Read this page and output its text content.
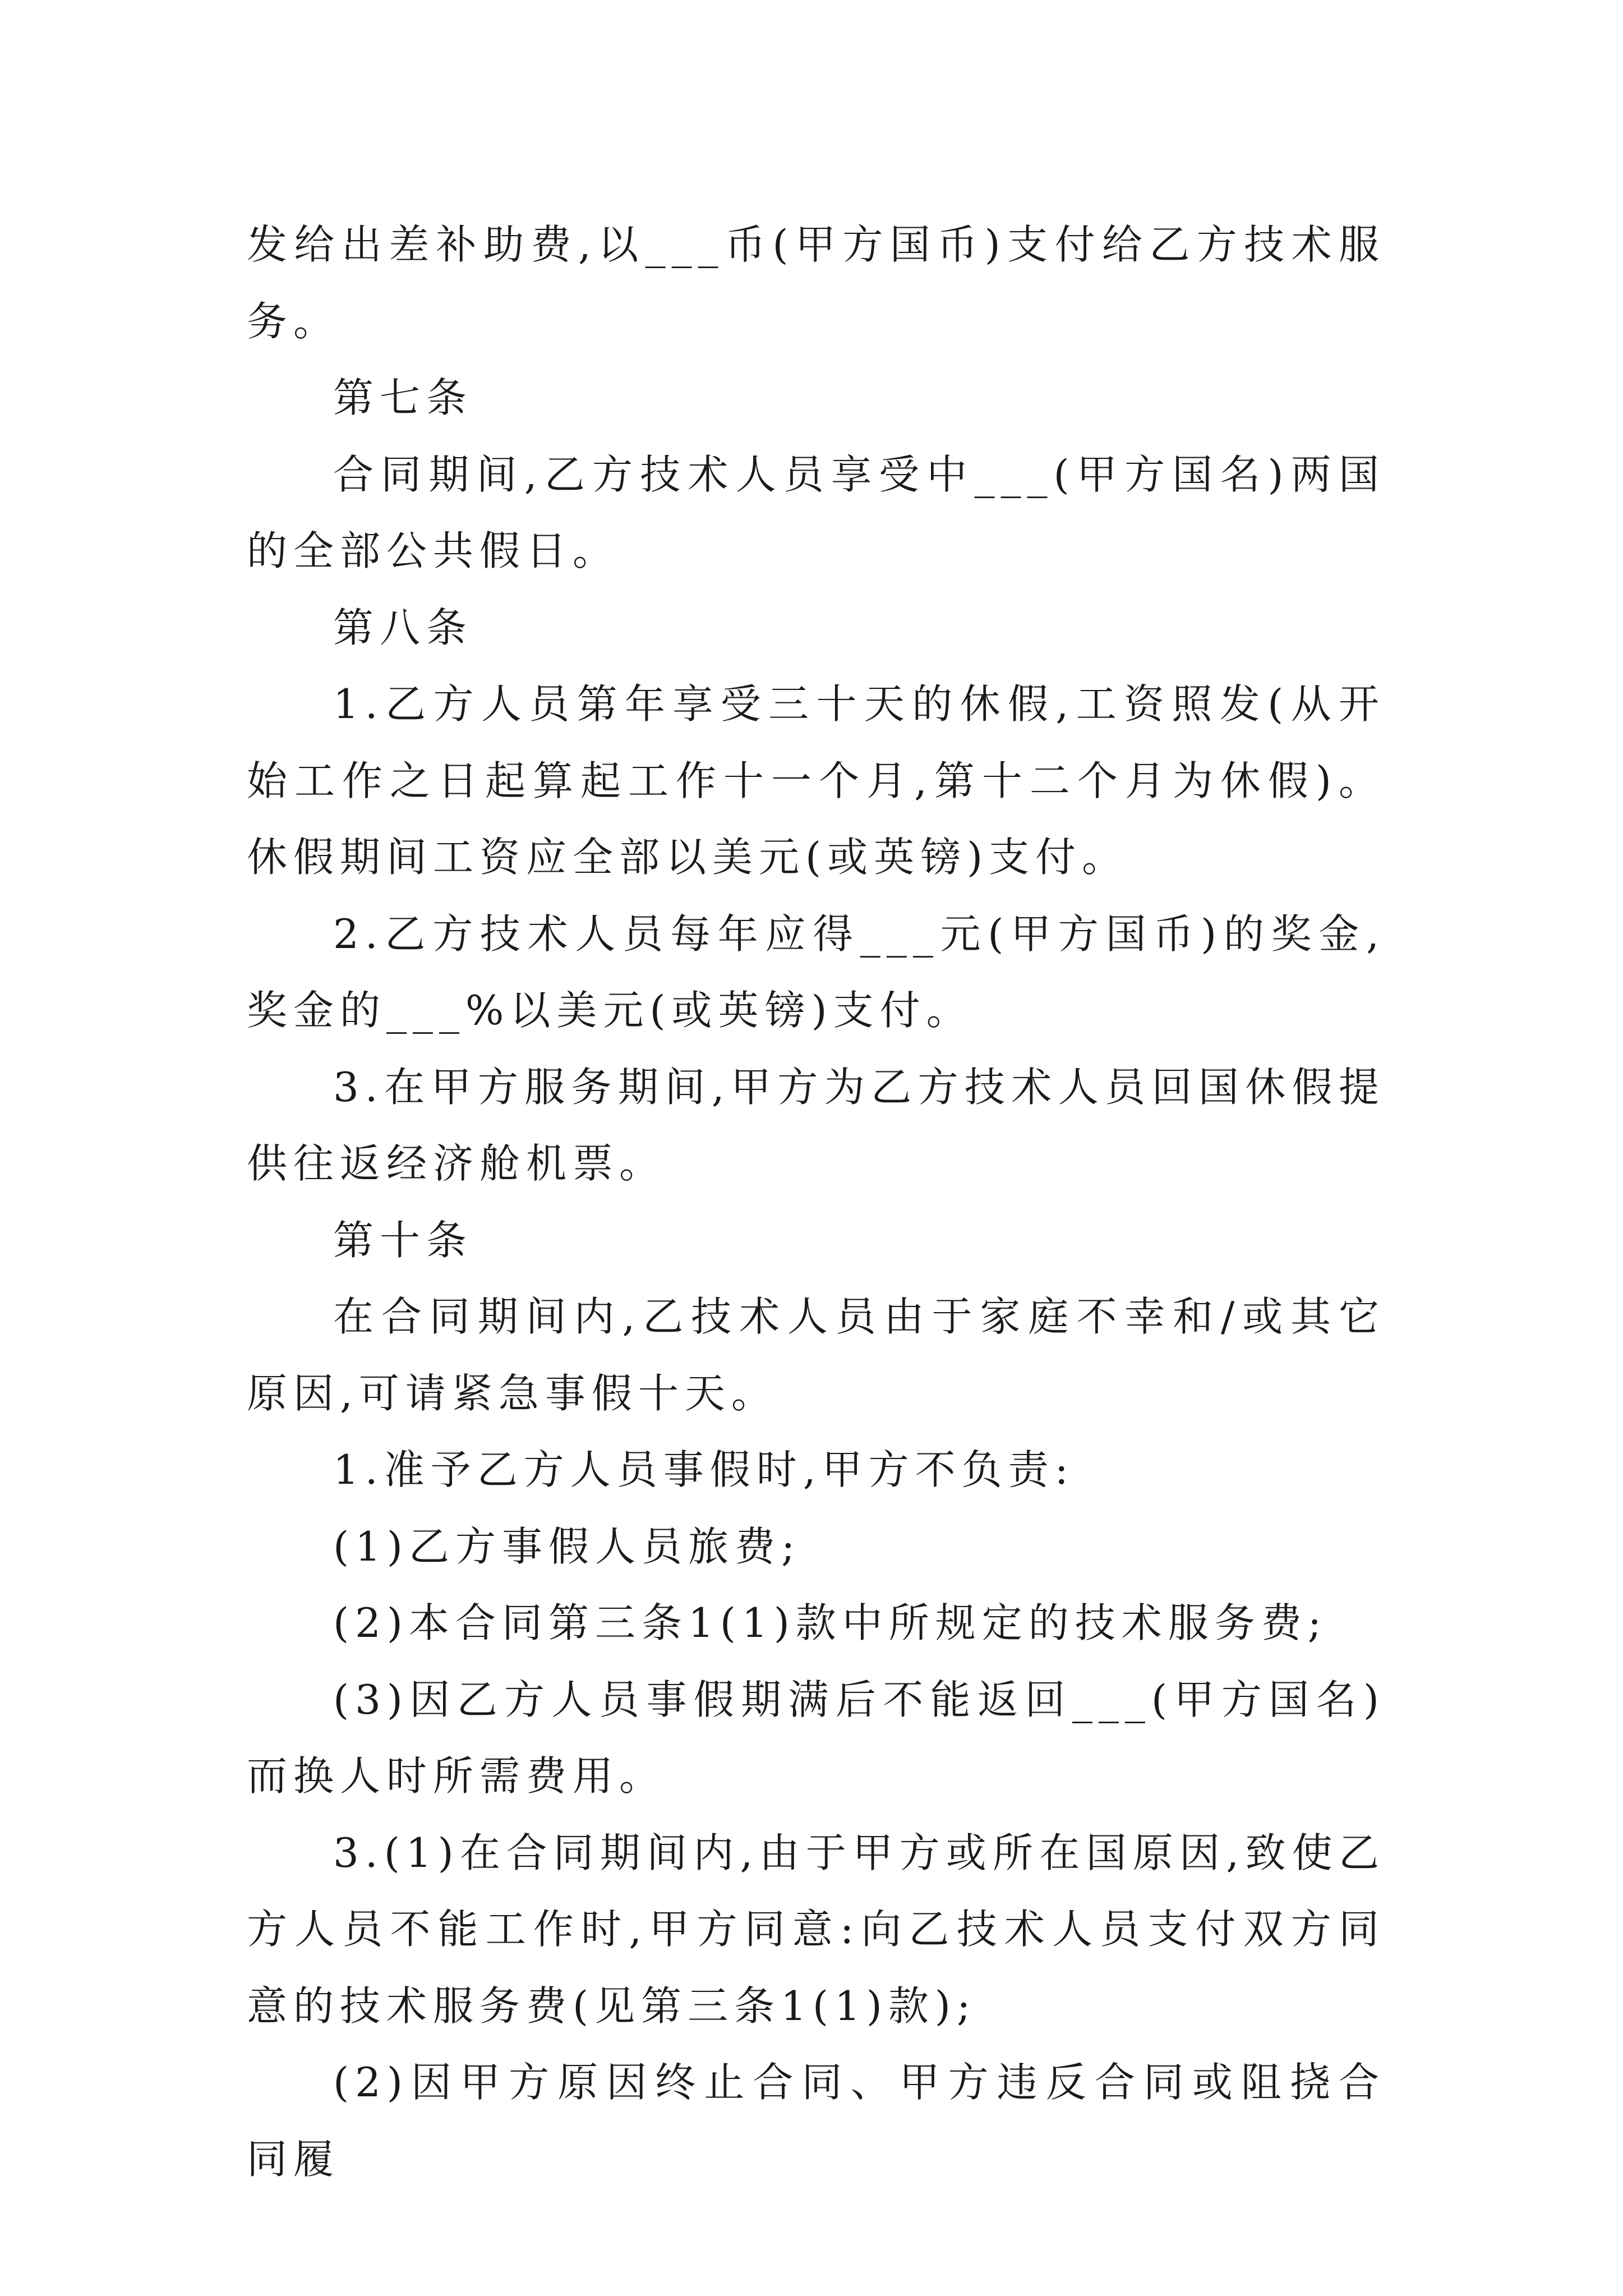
发给出差补助费,以___币(甲方国币)支付给乙方技术服务。

第七条

合同期间,乙方技术人员享受中___(甲方国名)两国的全部公共假日。

第八条

1.乙方人员第年享受三十天的休假,工资照发(从开始工作之日起算起工作十一个月,第十二个月为休假)。休假期间工资应全部以美元(或英镑)支付。

2.乙方技术人员每年应得___元(甲方国币)的奖金,奖金的___%以美元(或英镑)支付。

3.在甲方服务期间,甲方为乙方技术人员回国休假提供往返经济舱机票。

第十条

在合同期间内,乙技术人员由于家庭不幸和/或其它原因,可请紧急事假十天。

1.准予乙方人员事假时,甲方不负责:

(1)乙方事假人员旅费;

(2)本合同第三条1(1)款中所规定的技术服务费;

(3)因乙方人员事假期满后不能返回___(甲方国名)而换人时所需费用。

3.(1)在合同期间内,由于甲方或所在国原因,致使乙方人员不能工作时,甲方同意:向乙技术人员支付双方同意的技术服务费(见第三条1(1)款);

(2)因甲方原因终止合同、甲方违反合同或阻挠合同履
